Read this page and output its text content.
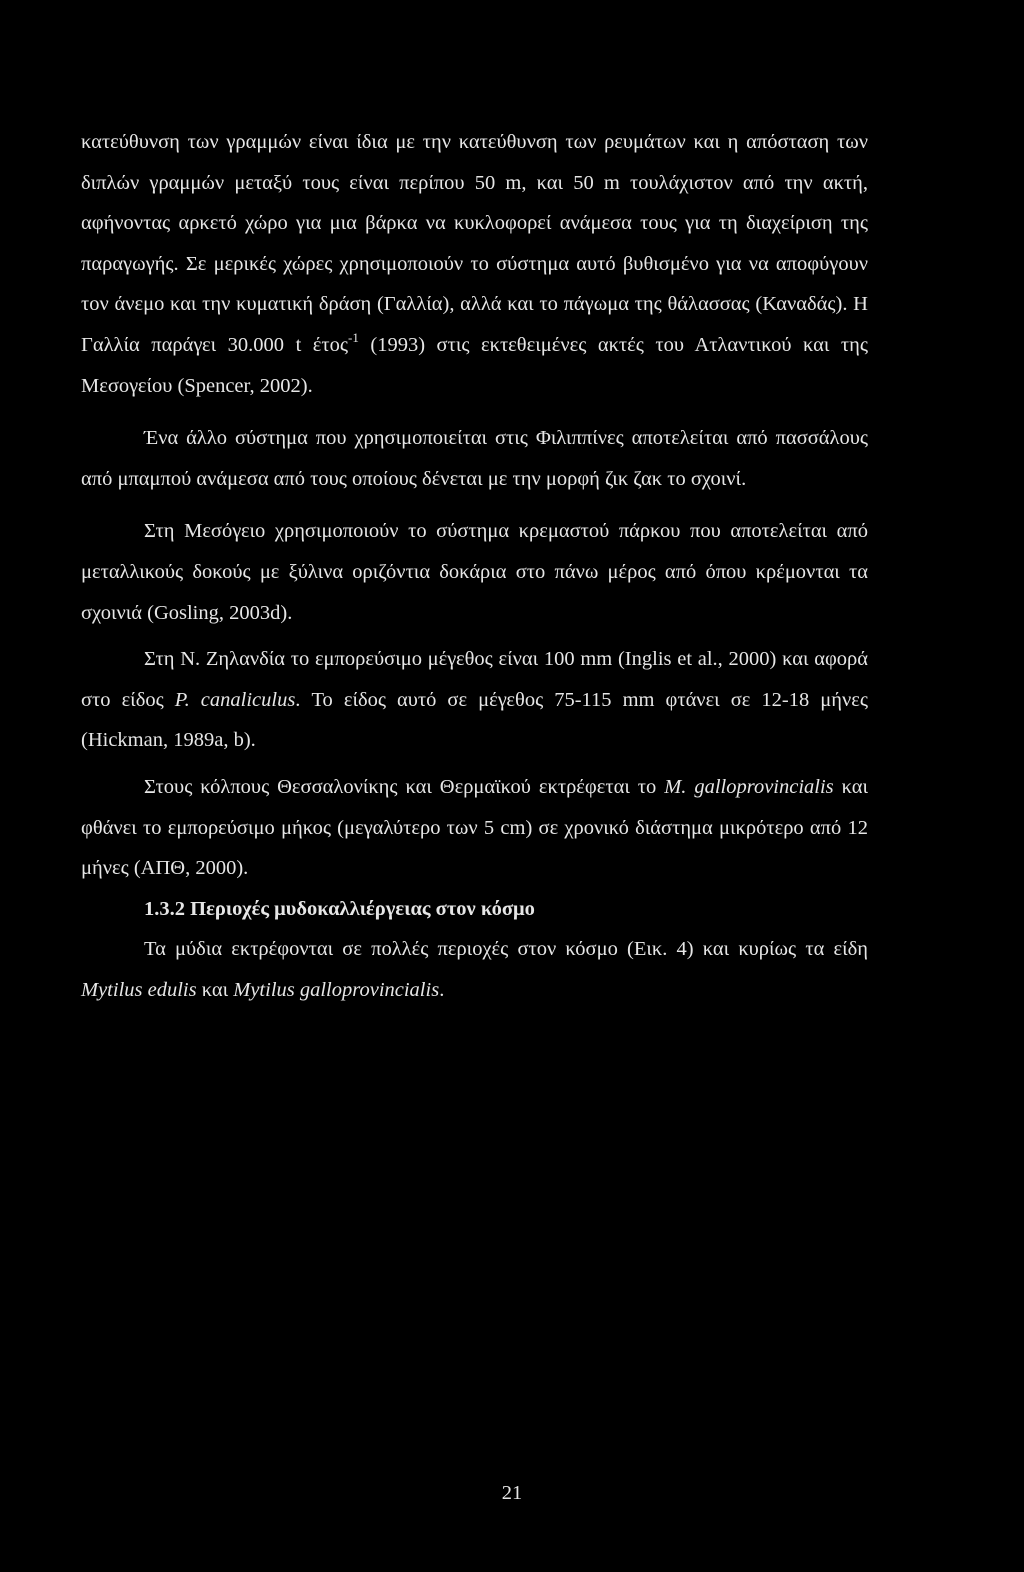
κατεύθυνση των γραμμών είναι ίδια με την κατεύθυνση των ρευμάτων και η απόσταση των διπλών γραμμών μεταξύ τους είναι περίπου 50 m, και 50 m τουλάχιστον από την ακτή, αφήνοντας αρκετό χώρο για μια βάρκα να κυκλοφορεί ανάμεσα τους για τη διαχείριση της παραγωγής. Σε μερικές χώρες χρησιμοποιούν το σύστημα αυτό βυθισμένο για να αποφύγουν τον άνεμο και την κυματική δράση (Γαλλία), αλλά και το πάγωμα της θάλασσας (Καναδάς). Η Γαλλία παράγει 30.000 t έτος$^{-1}$ (1993) στις εκτεθειμένες ακτές του Ατλαντικού και της Μεσογείου (Spencer, 2002).

Ένα άλλο σύστημα που χρησιμοποιείται στις Φιλιππίνες αποτελείται από πασσάλους από μπαμπού ανάμεσα από τους οποίους δένεται με την μορφή ζικ ζακ το σχοινί.

Στη Μεσόγειο χρησιμοποιούν το σύστημα κρεμαστού πάρκου που αποτελείται από μεταλλικούς δοκούς με ξύλινα οριζόντια δοκάρια στο πάνω μέρος από όπου κρέμονται τα σχοινιά (Gosling, 2003d).

Στη Ν. Ζηλανδία το εμπορεύσιμο μέγεθος είναι 100 mm (Inglis et al., 2000) και αφορά στο είδος P. canaliculus. Το είδος αυτό σε μέγεθος 75-115 mm φτάνει σε 12-18 μήνες (Hickman, 1989a, b).

Στους κόλπους Θεσσαλονίκης και Θερμαϊκού εκτρέφεται το M. galloprovincialis και φθάνει το εμπορεύσιμο μήκος (μεγαλύτερο των 5 cm) σε χρονικό διάστημα μικρότερο από 12 μήνες (ΑΠΘ, 2000).

1.3.2 Περιοχές μυδοκαλλιέργειας στον κόσμο

Τα μύδια εκτρέφονται σε πολλές περιοχές στον κόσμο (Εικ. 4) και κυρίως τα είδη Mytilus edulis και Mytilus galloprovincialis.

21
